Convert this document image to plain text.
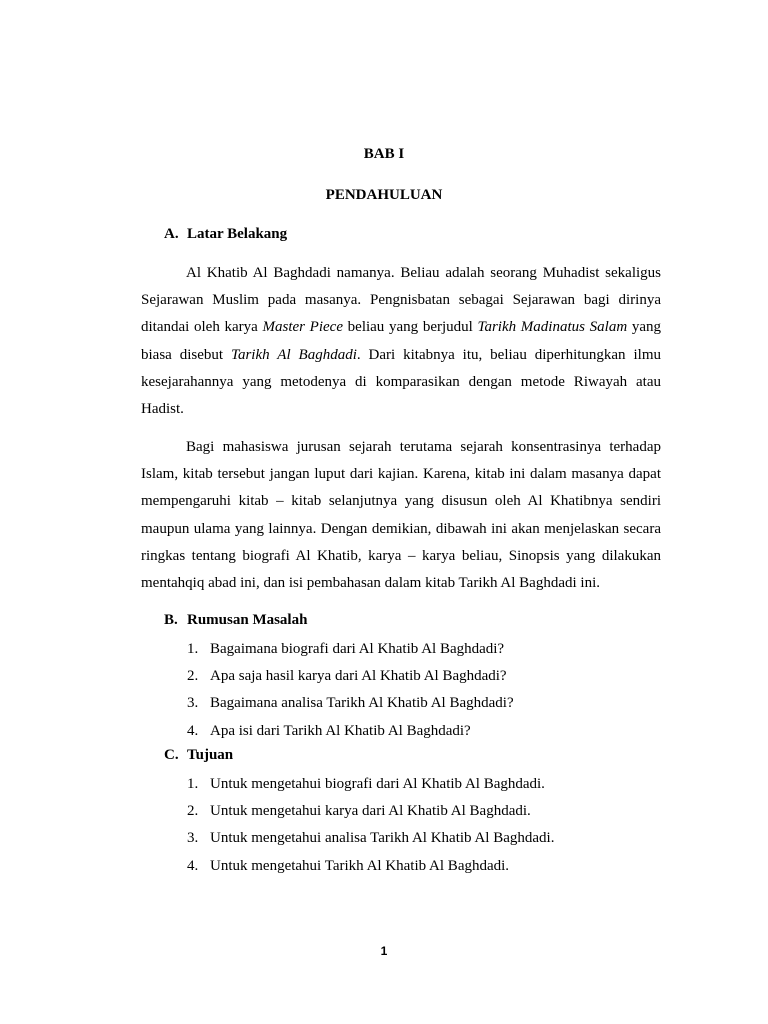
BAB I
PENDAHULUAN
A. Latar Belakang
Al Khatib Al Baghdadi namanya. Beliau adalah seorang Muhadist sekaligus Sejarawan Muslim pada masanya. Pengnisbatan sebagai Sejarawan bagi dirinya ditandai oleh karya Master Piece beliau yang berjudul Tarikh Madinatus Salam yang biasa disebut Tarikh Al Baghdadi. Dari kitabnya itu, beliau diperhitungkan ilmu kesejarahannya yang metodenya di komparasikan dengan metode Riwayah atau Hadist.
Bagi mahasiswa jurusan sejarah terutama sejarah konsentrasinya terhadap Islam, kitab tersebut jangan luput dari kajian. Karena, kitab ini dalam masanya dapat mempengaruhi kitab – kitab selanjutnya yang disusun oleh Al Khatibnya sendiri maupun ulama yang lainnya. Dengan demikian, dibawah ini akan menjelaskan secara ringkas tentang biografi Al Khatib, karya – karya beliau, Sinopsis yang dilakukan mentahqiq abad ini, dan isi pembahasan dalam kitab Tarikh Al Baghdadi ini.
B. Rumusan Masalah
1. Bagaimana biografi dari Al Khatib Al Baghdadi?
2. Apa saja hasil karya dari Al Khatib Al Baghdadi?
3. Bagaimana analisa Tarikh Al Khatib Al Baghdadi?
4. Apa isi dari Tarikh Al Khatib Al Baghdadi?
C. Tujuan
1. Untuk mengetahui biografi dari Al Khatib Al Baghdadi.
2. Untuk mengetahui karya dari Al Khatib Al Baghdadi.
3. Untuk mengetahui analisa Tarikh Al Khatib Al Baghdadi.
4. Untuk mengetahui Tarikh Al Khatib Al Baghdadi.
1
